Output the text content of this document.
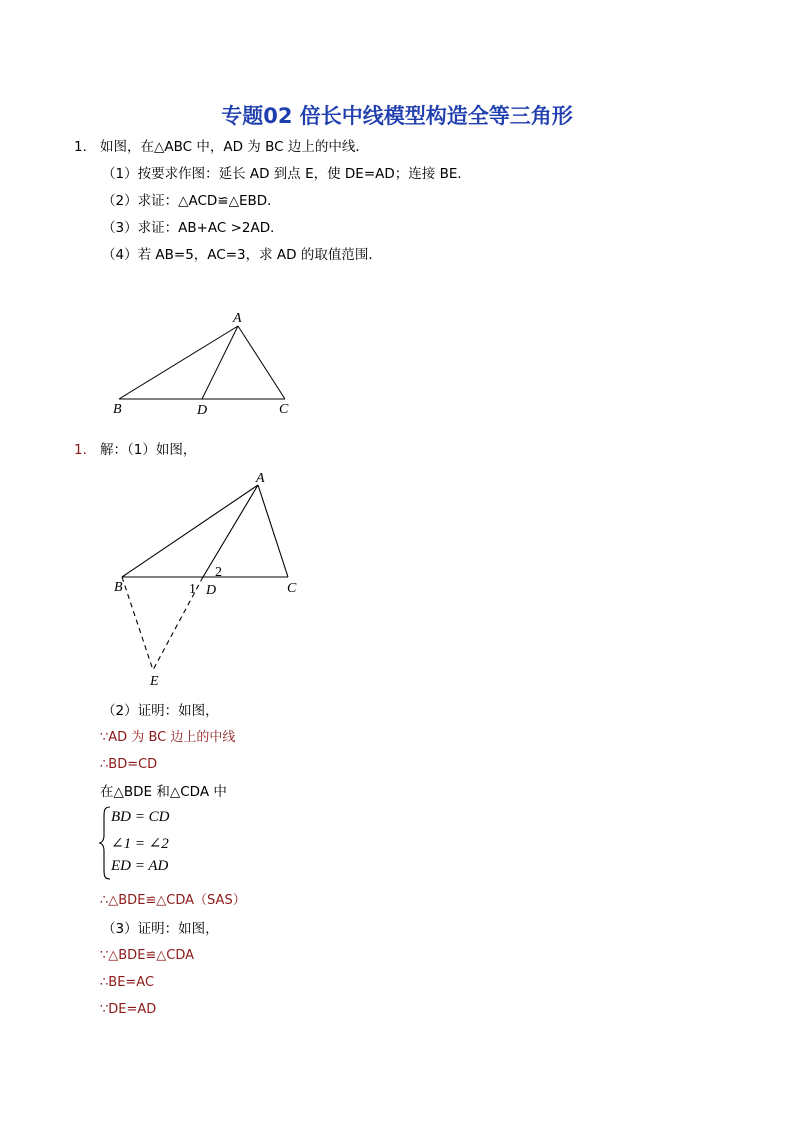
专题02 倍长中线模型构造全等三角形
1. 如图，在△ABC 中，AD 为 BC 边上的中线．
（1）按要求作图：延长 AD 到点 E，使 DE=AD；连接 BE．
（2）求证：△ACD≌△EBD．
（3）求证：AB+AC >2AD．
（4）若 AB=5，AC=3，求 AD 的取值范围．
A
B	D	C
1. 解：（1）如图，
A
B	D	C
E
1
2
（2）证明：如图，
∵AD 为 BC 边上的中线
∴BD=CD
在△BDE 和△CDA 中
BD = CD
∠1 = ∠2
ED = AD
∴△BDE≌△CDA（SAS）
（3）证明：如图，
∵△BDE≌△CDA
∴BE=AC
∵DE=AD
